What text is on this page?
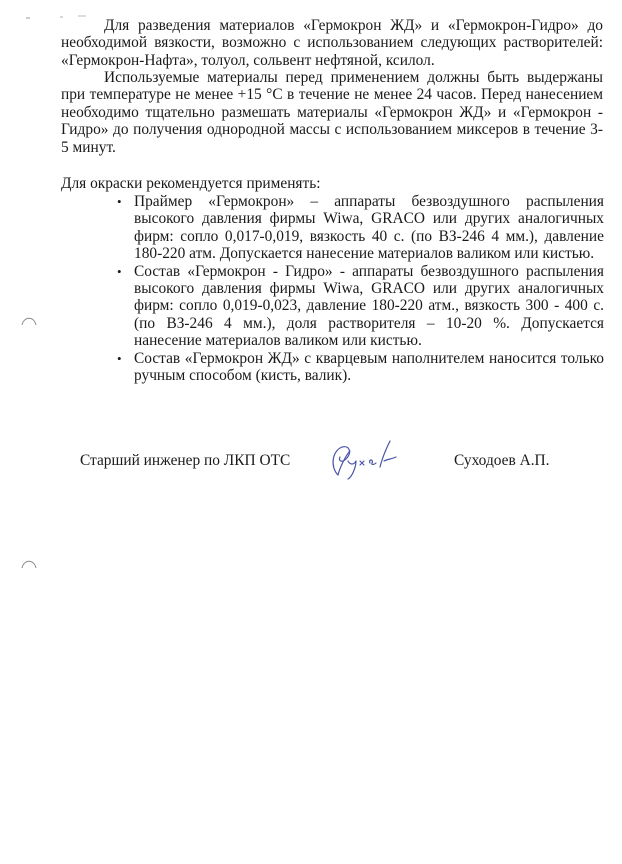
Для разведения материалов «Гермокрон ЖД» и «Гермокрон-Гидро» до необходимой вязкости, возможно с использованием следующих растворителей: «Гермокрон-Нафта», толуол, сольвент нефтяной, ксилол.

Используемые материалы перед применением должны быть выдержаны при температуре не менее +15 °С в течение не менее 24 часов. Перед нанесением необходимо тщательно размешать материалы «Гермокрон ЖД» и «Гермокрон - Гидро» до получения однородной массы с использованием миксеров в течение 3-5 минут.

Для окраски рекомендуется применять:

• Праймер «Гермокрон» – аппараты безвоздушного распыления высокого давления фирмы Wiwa, GRACO или других аналогичных фирм: сопло 0,017-0,019, вязкость 40 с. (по ВЗ-246 4 мм.), давление 180-220 атм. Допускается нанесение материалов валиком или кистью.
• Состав «Гермокрон - Гидро» - аппараты безвоздушного распыления высокого давления фирмы Wiwa, GRACO или других аналогичных фирм: сопло 0,019-0,023, давление 180-220 атм., вязкость 300 - 400 с. (по ВЗ-246 4 мм.), доля растворителя – 10-20 %. Допускается нанесение материалов валиком или кистью.
• Состав «Гермокрон ЖД» с кварцевым наполнителем наносится только ручным способом (кисть, валик).
Старший инженер по ЛКП ОТС	Суходоев А.П.
